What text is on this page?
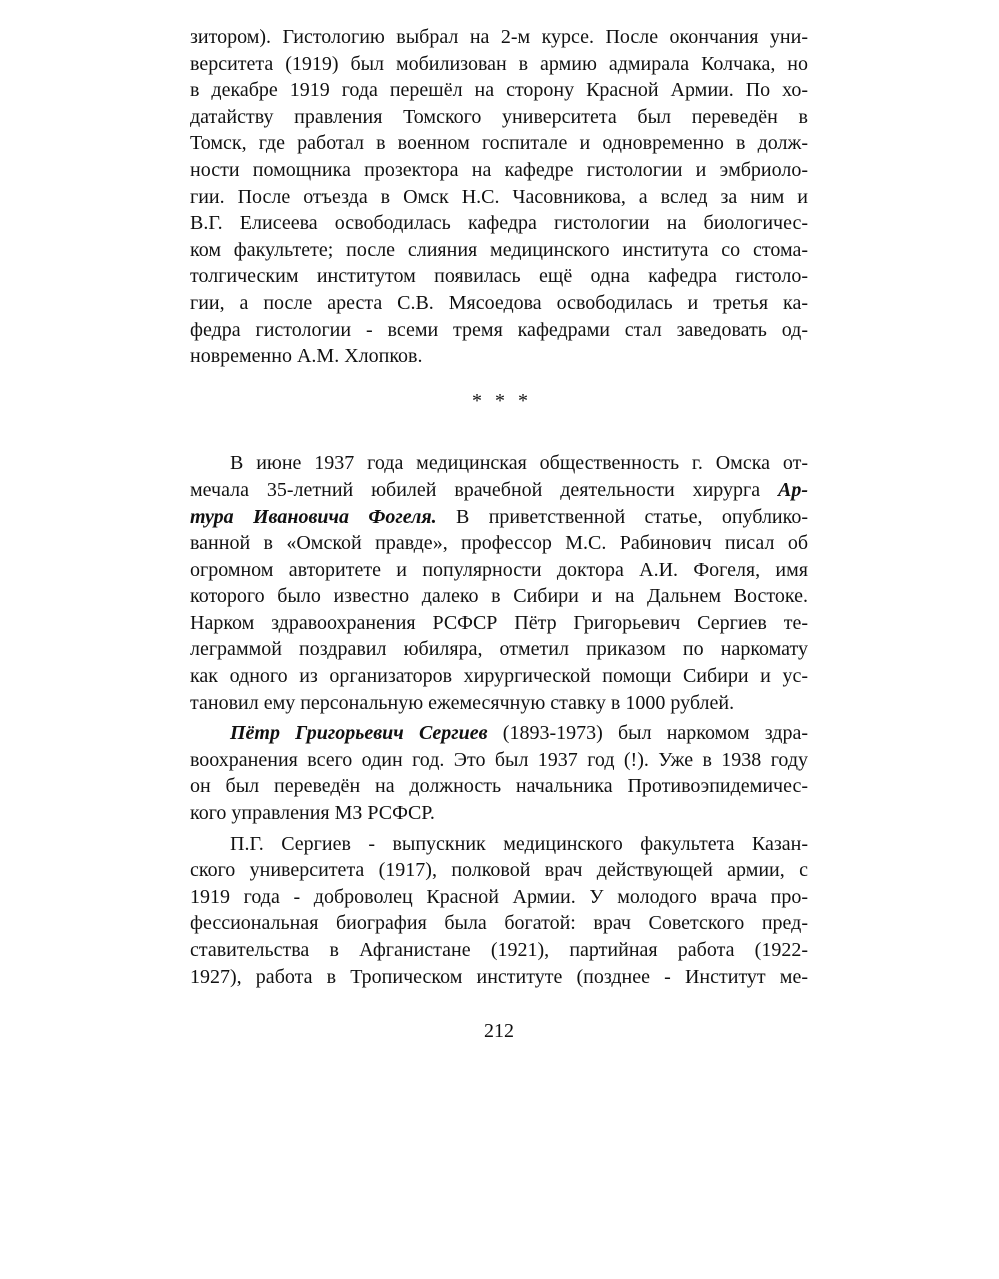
зитором). Гистологию выбрал на 2-м курсе. После окончания уни-
верситета (1919) был мобилизован в армию адмирала Колчака, но
в декабре 1919 года перешёл на сторону Красной Армии. По хо-
датайству правления Томского университета был переведён в
Томск, где работал в военном госпитале и одновременно в долж-
ности помощника прозектора на кафедре гистологии и эмбриоло-
гии. После отъезда в Омск Н.С. Часовникова, а вслед за ним и
В.Г. Елисеева освободилась кафедра гистологии на биологичес-
ком факультете; после слияния медицинского института со стома-
толгическим институтом появилась ещё одна кафедра гистоло-
гии, а после ареста С.В. Мясоедова освободилась и третья ка-
федра гистологии - всеми тремя кафедрами стал заведовать од-
новременно А.М. Хлопков.
* * *
В июне 1937 года медицинская общественность г. Омска от-
мечала 35-летний юбилей врачебной деятельности хирурга Ар-
тура Ивановича Фогеля. В приветственной статье, опублико-
ванной в «Омской правде», профессор М.С. Рабинович писал об
огромном авторитете и популярности доктора А.И. Фогеля, имя
которого было известно далеко в Сибири и на Дальнем Востоке.
Нарком здравоохранения РСФСР Пётр Григорьевич Сергиев те-
леграммой поздравил юбиляра, отметил приказом по наркомату
как одного из организаторов хирургической помощи Сибири и ус-
тановил ему персональную ежемесячную ставку в 1000 рублей.
Пётр Григорьевич Сергиев (1893-1973) был наркомом здра-
воохранения всего один год. Это был 1937 год (!). Уже в 1938 году
он был переведён на должность начальника Противоэпидемичес-
кого управления МЗ РСФСР.
П.Г. Сергиев - выпускник медицинского факультета Казан-
ского университета (1917), полковой врач действующей армии, с
1919 года - доброволец Красной Армии. У молодого врача про-
фессиональная биография была богатой: врач Советского пред-
ставительства в Афганистане (1921), партийная работа (1922-
1927), работа в Тропическом институте (позднее - Институт ме-
212
